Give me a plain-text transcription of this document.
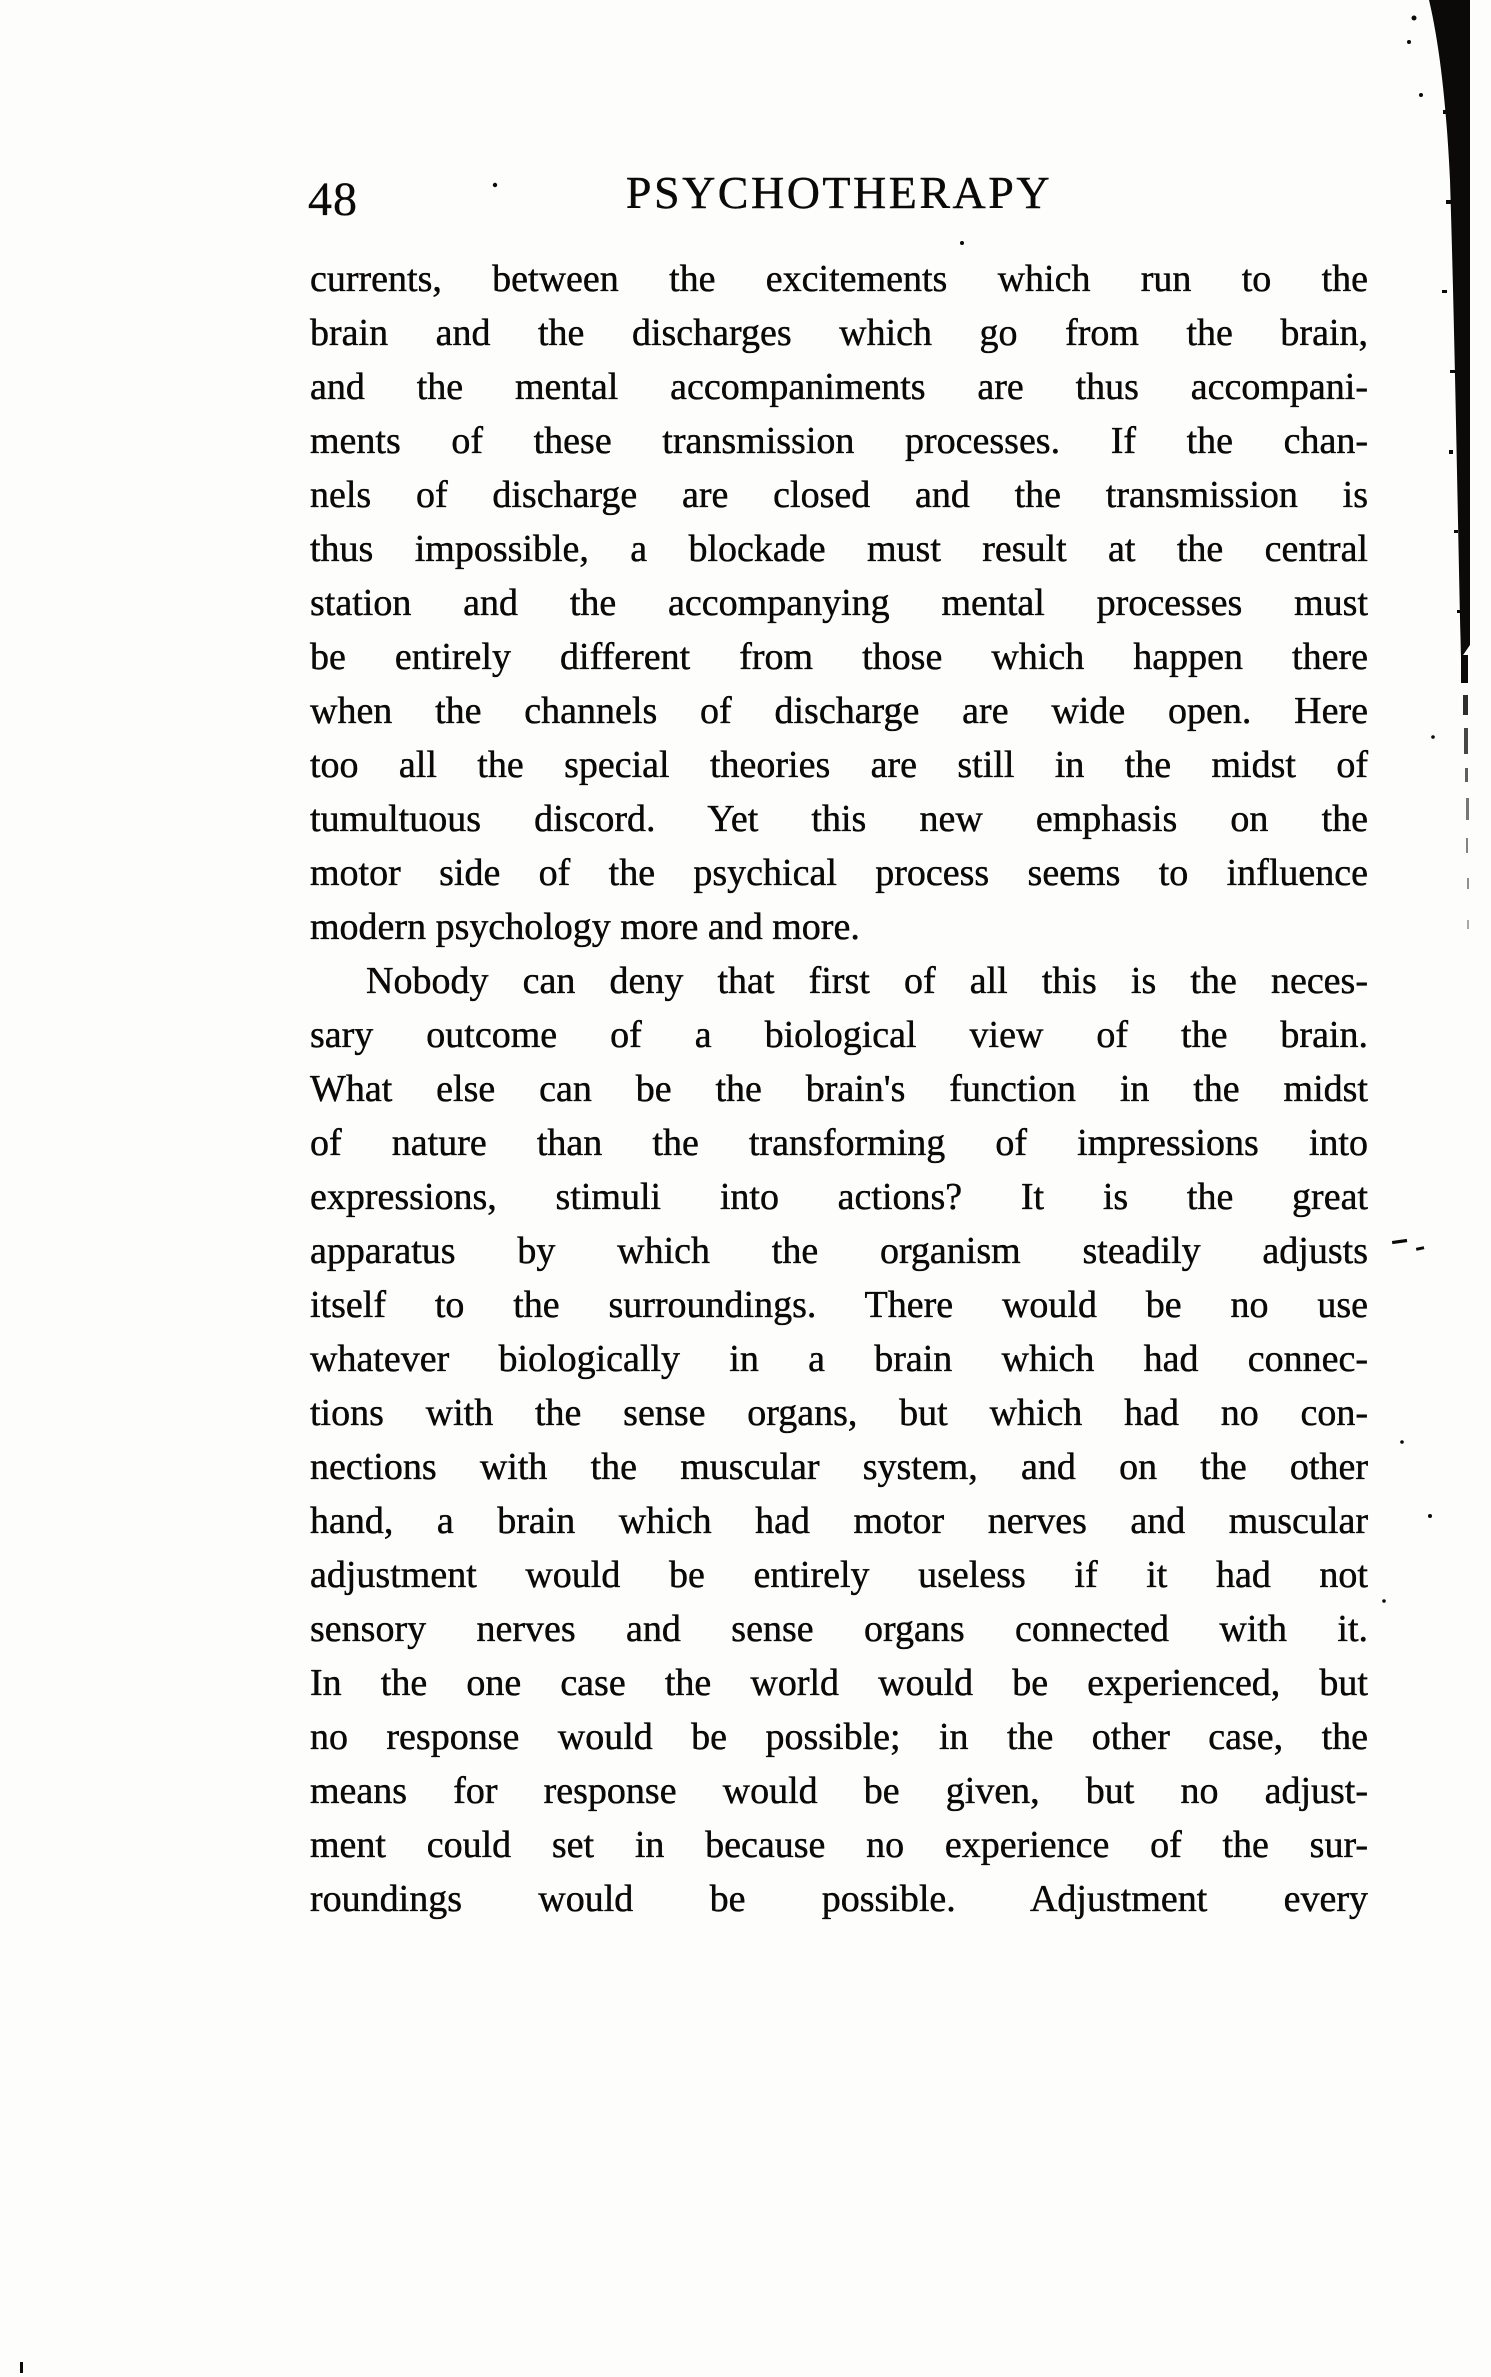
48	PSYCHOTHERAPY
currents, between the excitements which run to the
brain and the discharges which go from the brain,
and the mental accompaniments are thus accompani-
ments of these transmission processes. If the chan-
nels of discharge are closed and the transmission is
thus impossible, a blockade must result at the central
station and the accompanying mental processes must
be entirely different from those which happen there
when the channels of discharge are wide open. Here
too all the special theories are still in the midst of
tumultuous discord. Yet this new emphasis on the
motor side of the psychical process seems to influence
modern psychology more and more.
Nobody can deny that first of all this is the neces-
sary outcome of a biological view of the brain.
What else can be the brain's function in the midst
of nature than the transforming of impressions into
expressions, stimuli into actions? It is the great
apparatus by which the organism steadily adjusts
itself to the surroundings. There would be no use
whatever biologically in a brain which had connec-
tions with the sense organs, but which had no con-
nections with the muscular system, and on the other
hand, a brain which had motor nerves and muscular
adjustment would be entirely useless if it had not
sensory nerves and sense organs connected with it.
In the one case the world would be experienced, but
no response would be possible; in the other case, the
means for response would be given, but no adjust-
ment could set in because no experience of the sur-
roundings would be possible. Adjustment every
